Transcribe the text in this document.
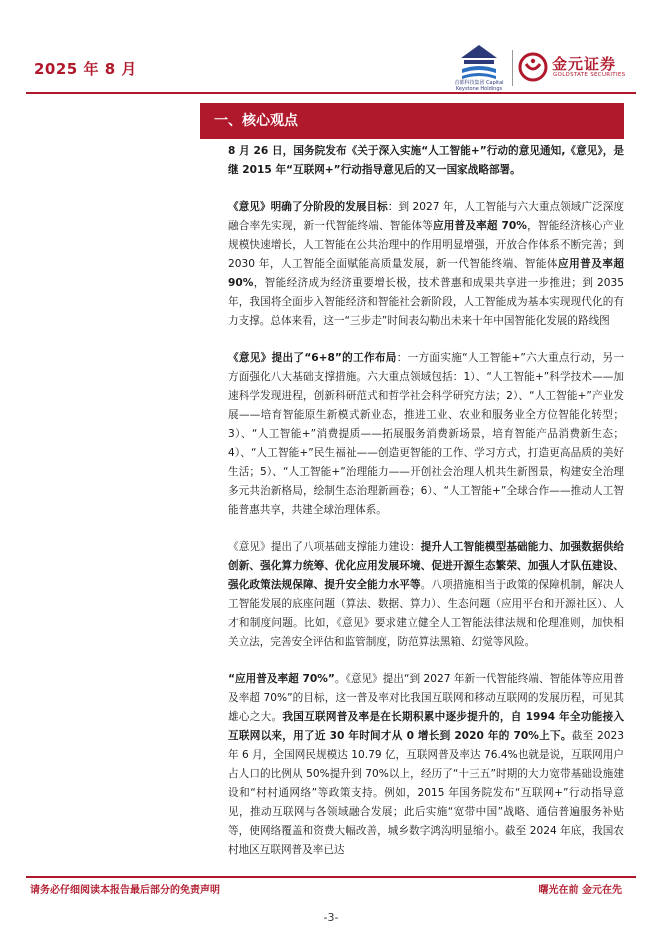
2025 年 8 月
首都科技集团 Capital Keystone Holdings
金元证券
GOLDSTATE SECURITIES
一、核心观点

8 月 26 日，国务院发布《关于深入实施“人工智能+”行动的意见通知,《意见》，是继 2015 年“互联网+”行动指导意见后的又一国家战略部署。

《意见》明确了分阶段的发展目标：到 2027 年，人工智能与六大重点领域广泛深度融合率先实现，新一代智能终端、智能体等应用普及率超 70%，智能经济核心产业规模快速增长，人工智能在公共治理中的作用明显增强，开放合作体系不断完善；到 2030 年，人工智能全面赋能高质量发展，新一代智能终端、智能体应用普及率超 90%，智能经济成为经济重要增长极，技术普惠和成果共享进一步推进；到 2035 年，我国将全面步入智能经济和智能社会新阶段，人工智能成为基本实现现代化的有力支撑。总体来看，这一“三步走”时间表勾勒出未来十年中国智能化发展的路线图

《意见》提出了“6+8”的工作布局：一方面实施“人工智能+”六大重点行动，另一方面强化八大基础支撑措施。六大重点领域包括：1）、“人工智能+”科学技术——加速科学发现进程，创新科研范式和哲学社会科学研究方法；2）、“人工智能+”产业发展——培育智能原生新模式新业态，推进工业、农业和服务业全方位智能化转型；3）、“人工智能+”消费提质——拓展服务消费新场景，培育智能产品消费新生态；4）、“人工智能+”民生福祉——创造更智能的工作、学习方式，打造更高品质的美好生活；5）、“人工智能+”治理能力——开创社会治理人机共生新图景，构建安全治理多元共治新格局，绘制生态治理新画卷；6）、“人工智能+”全球合作——推动人工智能普惠共享，共建全球治理体系。

《意见》提出了八项基础支撑能力建设：提升人工智能模型基础能力、加强数据供给创新、强化算力统筹、优化应用发展环境、促进开源生态繁荣、加强人才队伍建设、强化政策法规保障、提升安全能力水平等。八项措施相当于政策的保障机制，解决人工智能发展的底座问题（算法、数据、算力）、生态问题（应用平台和开源社区）、人才和制度问题。比如，《意见》要求建立健全人工智能法律法规和伦理准则，加快相关立法，完善安全评估和监管制度，防范算法黑箱、幻觉等风险。

“应用普及率超 70%”。《意见》提出“到 2027 年新一代智能终端、智能体等应用普及率超 70%”的目标，这一普及率对比我国互联网和移动互联网的发展历程，可见其雄心之大。我国互联网普及率是在长期积累中逐步提升的，自 1994 年全功能接入互联网以来，用了近 30 年时间才从 0 增长到 2020 年的 70%上下。截至 2023 年 6 月，全国网民规模达 10.79 亿，互联网普及率达 76.4%也就是说，互联网用户占人口的比例从 50%提升到 70%以上，经历了“十三五”时期的大力宽带基础设施建设和“村村通网络”等政策支持。例如，2015 年国务院发布“互联网+”行动指导意见，推动互联网与各领域融合发展；此后实施“宽带中国”战略、通信普遍服务补贴等，使网络覆盖和资费大幅改善，城乡数字鸿沟明显缩小。截至 2024 年底，我国农村地区互联网普及率已达

请务必仔细阅读本报告最后部分的免责声明	曙光在前 金元在先
-3-
